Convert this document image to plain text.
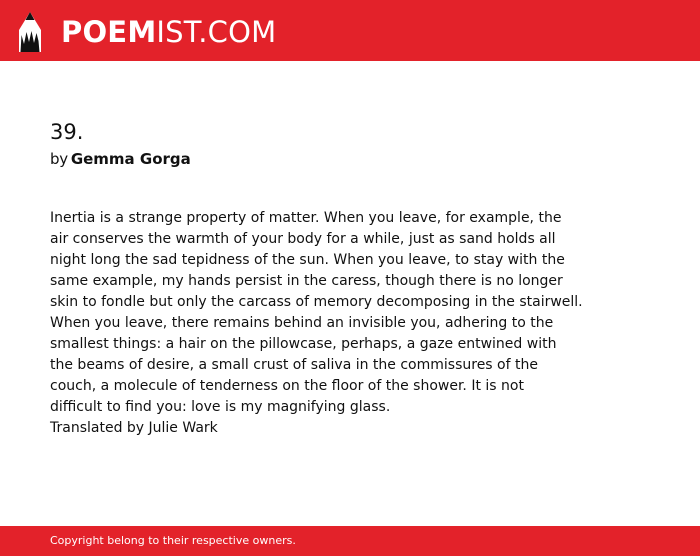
POEMIST.COM
39.
by Gemma Gorga
Inertia is a strange property of matter. When you leave, for example, the
air conserves the warmth of your body for a while, just as sand holds all
night long the sad tepidness of the sun. When you leave, to stay with the
same example, my hands persist in the caress, though there is no longer
skin to fondle but only the carcass of memory decomposing in the stairwell.
When you leave, there remains behind an invisible you, adhering to the
smallest things: a hair on the pillowcase, perhaps, a gaze entwined with
the beams of desire, a small crust of saliva in the commissures of the
couch, a molecule of tenderness on the floor of the shower. It is not
difficult to find you: love is my magnifying glass.
Translated by Julie Wark
Copyright belong to their respective owners.
